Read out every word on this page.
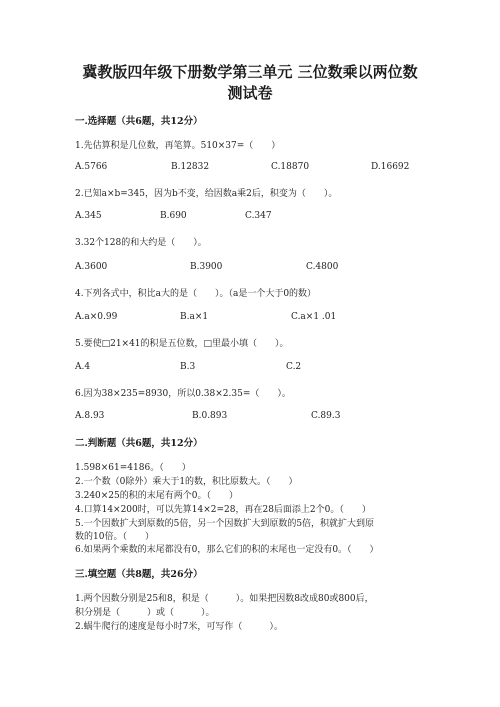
冀教版四年级下册数学第三单元 三位数乘以两位数
测试卷
一.选择题（共6题，共12分）
1.先估算积是几位数，再笔算。510×37=（　　）
A.5766	B.12832	C.18870	D.16692
2.已知a×b=345，因为b不变，给因数a乘2后，积变为（　　）。
A.345	B.690	C.347
3.32个128的和大约是（　　）。
A.3600	B.3900	C.4800
4.下列各式中，积比a大的是（　　）。（a是一个大于0的数）
A.a×0.99	B.a×1	C.a×1 .01
5.要使□21×41的积是五位数，□里最小填（　　）。
A.4	B.3	C.2
6.因为38×235=8930，所以0.38×2.35=（　　）。
A.8.93	B.0.893	C.89.3
二.判断题（共6题，共12分）
1.598×61=4186。（　　）
2.一个数（0除外）乘大于1的数，积比原数大。（　　）
3.240×25的积的末尾有两个0。（　　）
4.口算14×200时，可以先算14×2=28，再在28后面添上2个0。（　　）
5.一个因数扩大到原数的5倍，另一个因数扩大到原数的5倍，积就扩大到原
数的10倍。（　　）
6.如果两个乘数的末尾都没有0，那么它们的积的末尾也一定没有0。（　　）
三.填空题（共8题，共26分）
1.两个因数分别是25和8，积是（　　　）。如果把因数8改成80或800后，
积分别是（　　　）或（　　　）。
2.蜗牛爬行的速度是每小时7米，可写作（　　　）。
